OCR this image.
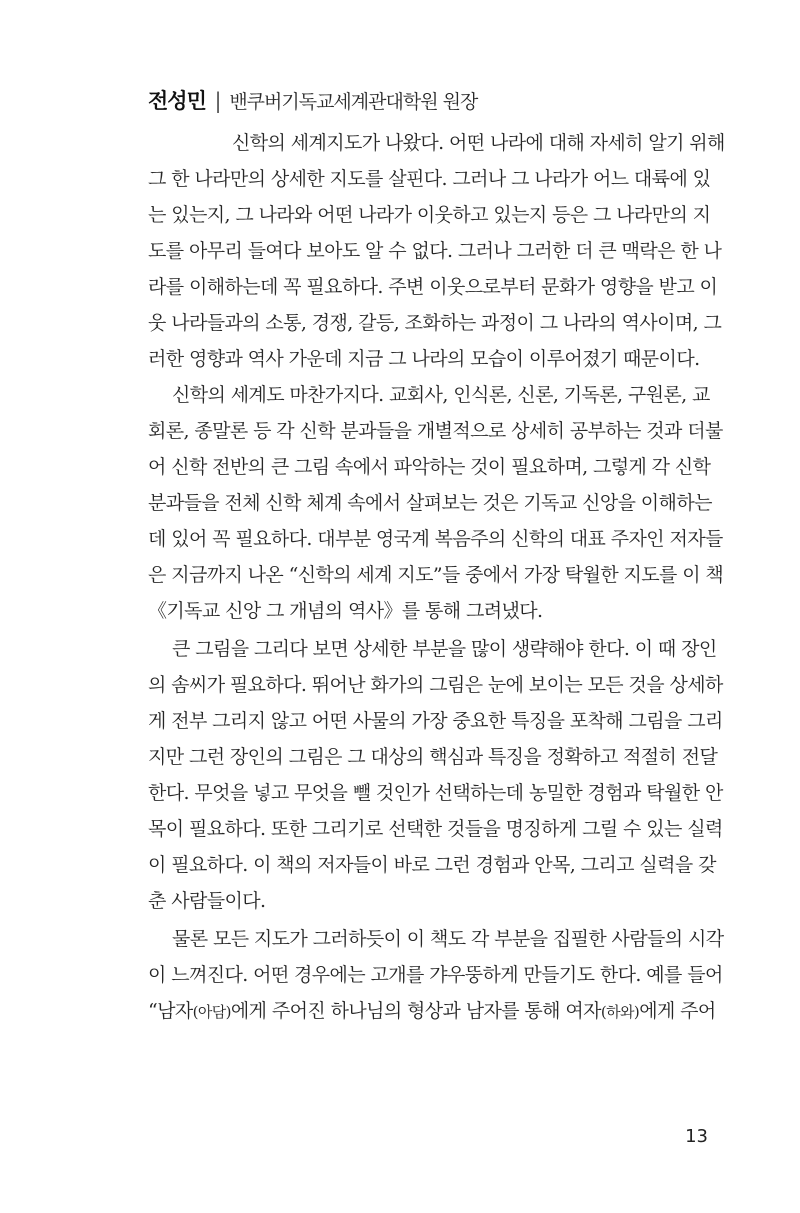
전성민 | 밴쿠버기독교세계관대학원 원장
신학의 세계지도가 나왔다. 어떤 나라에 대해 자세히 알기 위해
그 한 나라만의 상세한 지도를 살핀다. 그러나 그 나라가 어느 대륙에 있
는 있는지, 그 나라와 어떤 나라가 이웃하고 있는지 등은 그 나라만의 지
도를 아무리 들여다 보아도 알 수 없다. 그러나 그러한 더 큰 맥락은 한 나
라를 이해하는데 꼭 필요하다. 주변 이웃으로부터 문화가 영향을 받고 이
웃 나라들과의 소통, 경쟁, 갈등, 조화하는 과정이 그 나라의 역사이며, 그
러한 영향과 역사 가운데 지금 그 나라의 모습이 이루어졌기 때문이다.
신학의 세계도 마찬가지다. 교회사, 인식론, 신론, 기독론, 구원론, 교
회론, 종말론 등 각 신학 분과들을 개별적으로 상세히 공부하는 것과 더불
어 신학 전반의 큰 그림 속에서 파악하는 것이 필요하며, 그렇게 각 신학
분과들을 전체 신학 체계 속에서 살펴보는 것은 기독교 신앙을 이해하는
데 있어 꼭 필요하다. 대부분 영국계 복음주의 신학의 대표 주자인 저자들
은 지금까지 나온 “신학의 세계 지도”들 중에서 가장 탁월한 지도를 이 책
《기독교 신앙 그 개념의 역사》를 통해 그려냈다.
큰 그림을 그리다 보면 상세한 부분을 많이 생략해야 한다. 이 때 장인
의 솜씨가 필요하다. 뛰어난 화가의 그림은 눈에 보이는 모든 것을 상세하
게 전부 그리지 않고 어떤 사물의 가장 중요한 특징을 포착해 그림을 그리
지만 그런 장인의 그림은 그 대상의 핵심과 특징을 정확하고 적절히 전달
한다. 무엇을 넣고 무엇을 뺄 것인가 선택하는데 농밀한 경험과 탁월한 안
목이 필요하다. 또한 그리기로 선택한 것들을 명징하게 그릴 수 있는 실력
이 필요하다. 이 책의 저자들이 바로 그런 경험과 안목, 그리고 실력을 갖
춘 사람들이다.
물론 모든 지도가 그러하듯이 이 책도 각 부분을 집필한 사람들의 시각
이 느껴진다. 어떤 경우에는 고개를 갸우뚱하게 만들기도 한다. 예를 들어
“남자(아담)에게 주어진 하나님의 형상과 남자를 통해 여자(하와)에게 주어
13
